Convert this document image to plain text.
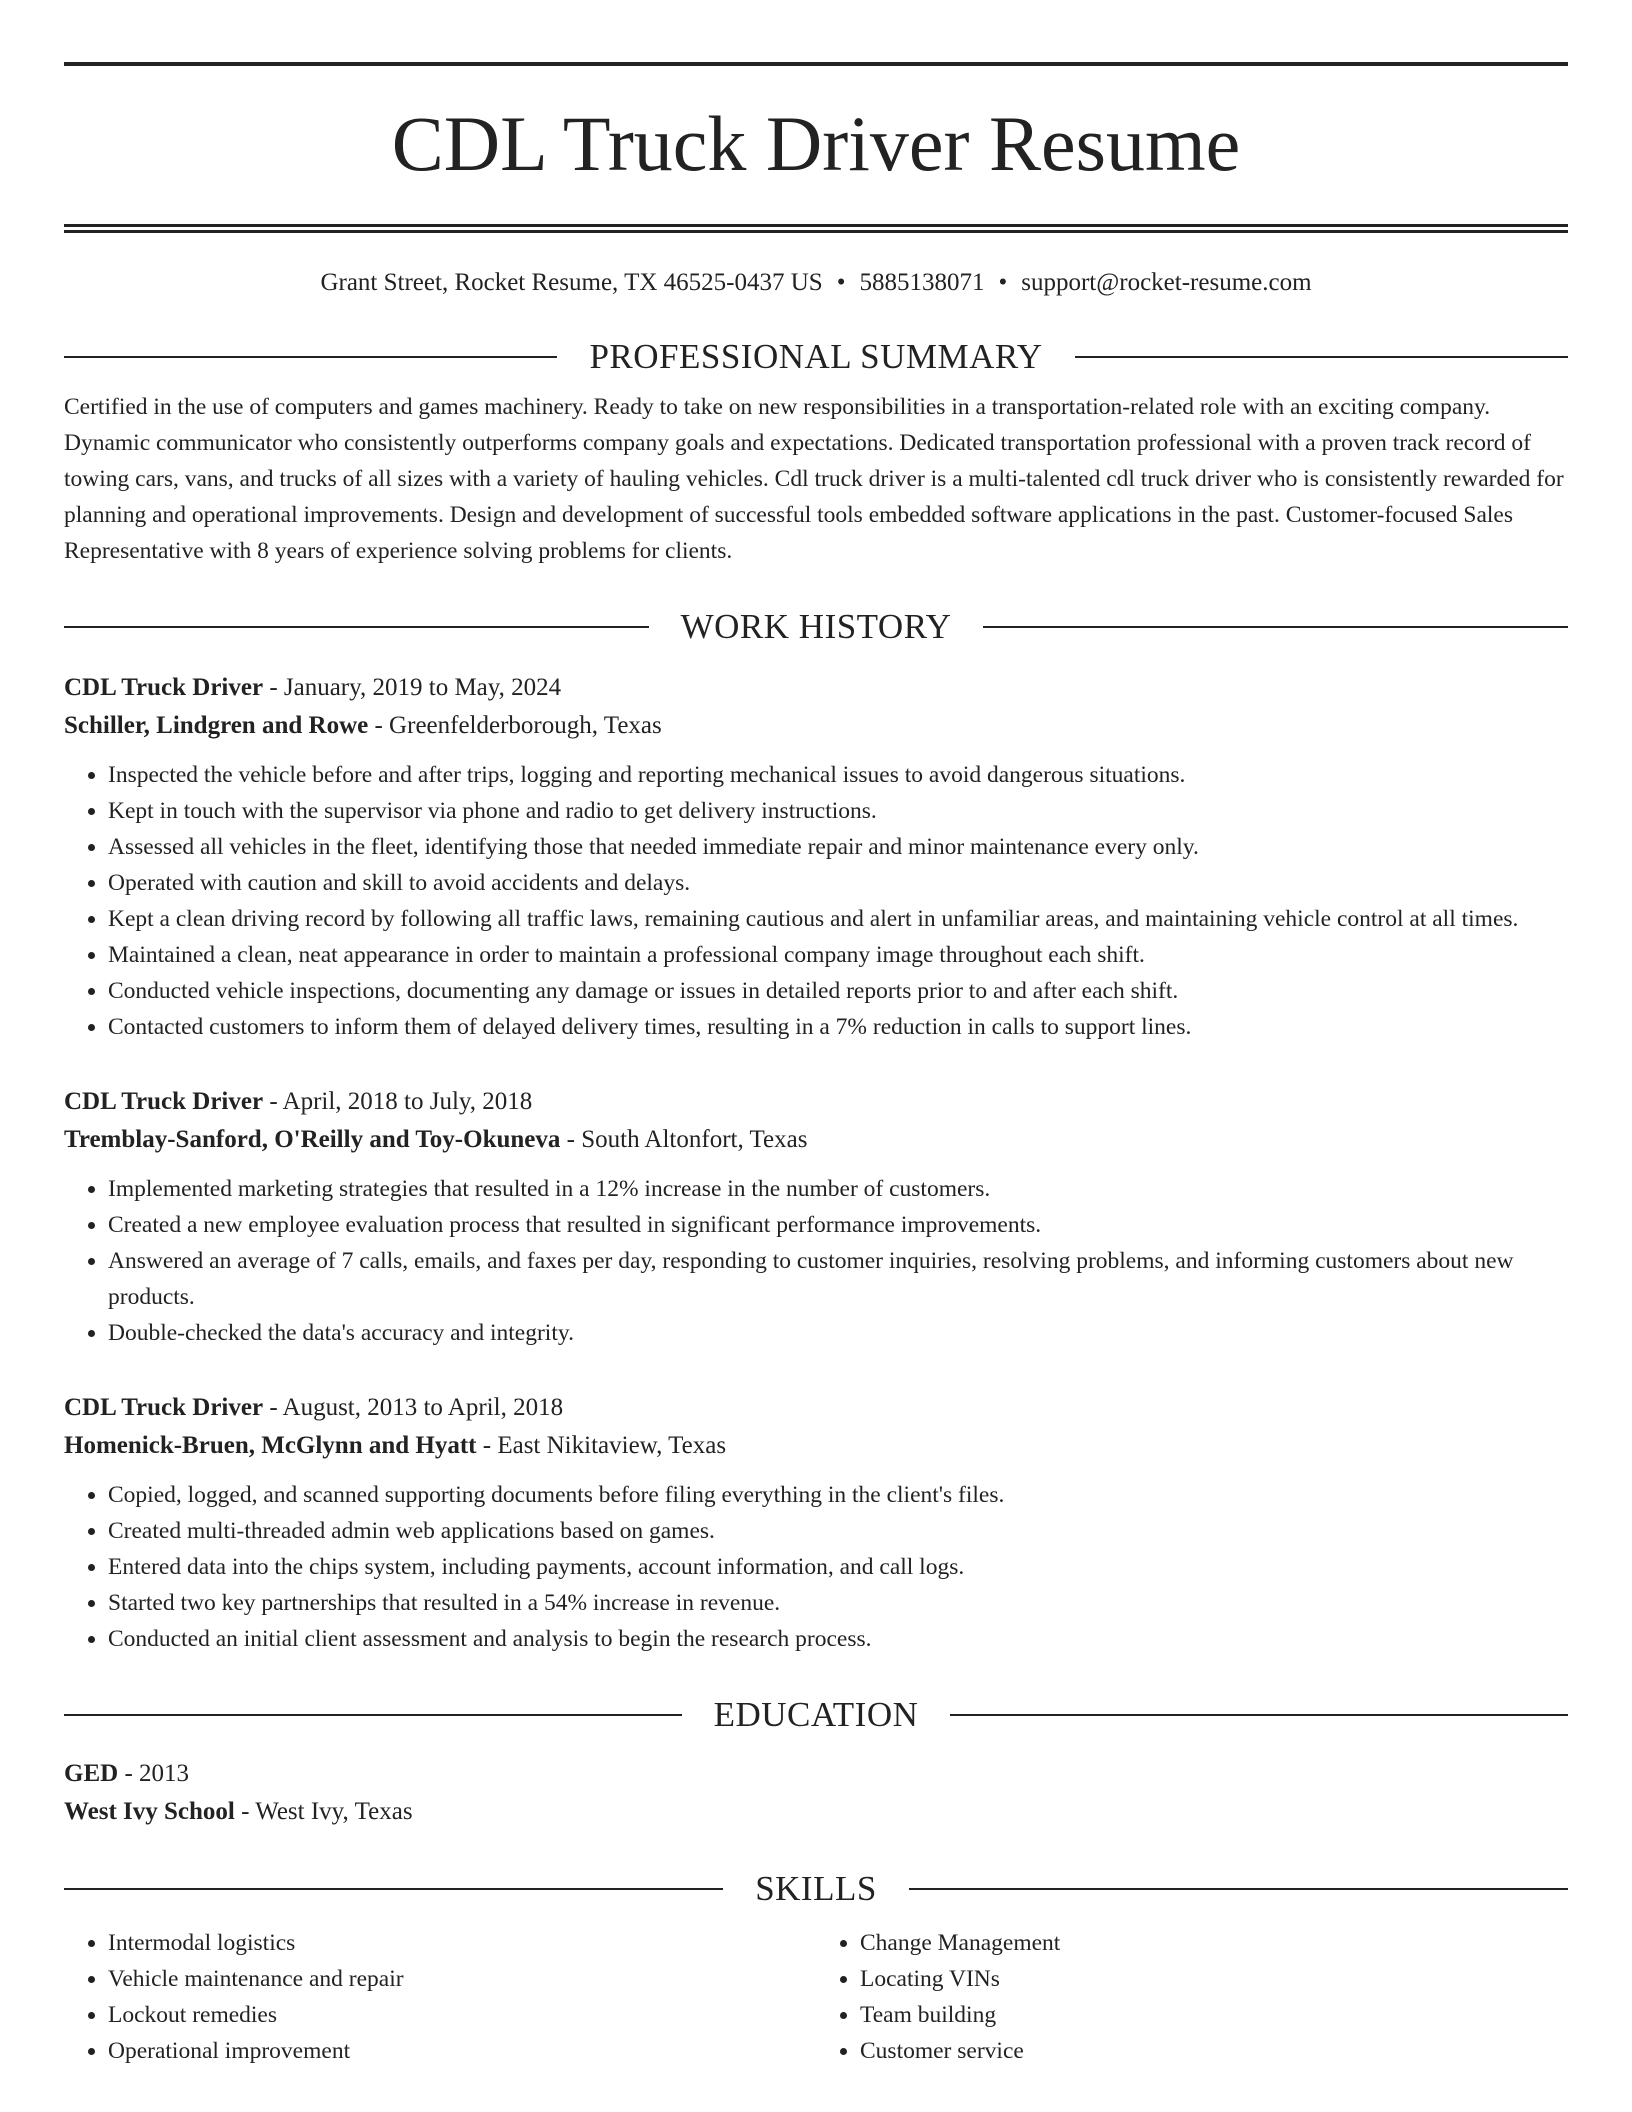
CDL Truck Driver Resume
Grant Street, Rocket Resume, TX 46525-0437 US • 5885138071 • support@rocket-resume.com
PROFESSIONAL SUMMARY

Certified in the use of computers and games machinery. Ready to take on new responsibilities in a transportation-related role with an exciting company. Dynamic communicator who consistently outperforms company goals and expectations. Dedicated transportation professional with a proven track record of towing cars, vans, and trucks of all sizes with a variety of hauling vehicles. Cdl truck driver is a multi-talented cdl truck driver who is consistently rewarded for planning and operational improvements. Design and development of successful tools embedded software applications in the past. Customer-focused Sales Representative with 8 years of experience solving problems for clients.

WORK HISTORY
CDL Truck Driver - January, 2019 to May, 2024
Schiller, Lindgren and Rowe - Greenfelderborough, Texas
• Inspected the vehicle before and after trips, logging and reporting mechanical issues to avoid dangerous situations.
• Kept in touch with the supervisor via phone and radio to get delivery instructions.
• Assessed all vehicles in the fleet, identifying those that needed immediate repair and minor maintenance every only.
• Operated with caution and skill to avoid accidents and delays.
• Kept a clean driving record by following all traffic laws, remaining cautious and alert in unfamiliar areas, and maintaining vehicle control at all times.
• Maintained a clean, neat appearance in order to maintain a professional company image throughout each shift.
• Conducted vehicle inspections, documenting any damage or issues in detailed reports prior to and after each shift.
• Contacted customers to inform them of delayed delivery times, resulting in a 7% reduction in calls to support lines.
CDL Truck Driver - April, 2018 to July, 2018
Tremblay-Sanford, O'Reilly and Toy-Okuneva - South Altonfort, Texas
• Implemented marketing strategies that resulted in a 12% increase in the number of customers.
• Created a new employee evaluation process that resulted in significant performance improvements.
• Answered an average of 7 calls, emails, and faxes per day, responding to customer inquiries, resolving problems, and informing customers about new products.
• Double-checked the data's accuracy and integrity.
CDL Truck Driver - August, 2013 to April, 2018
Homenick-Bruen, McGlynn and Hyatt - East Nikitaview, Texas
• Copied, logged, and scanned supporting documents before filing everything in the client's files.
• Created multi-threaded admin web applications based on games.
• Entered data into the chips system, including payments, account information, and call logs.
• Started two key partnerships that resulted in a 54% increase in revenue.
• Conducted an initial client assessment and analysis to begin the research process.
EDUCATION
GED - 2013
West Ivy School - West Ivy, Texas
SKILLS
• Intermodal logistics
• Vehicle maintenance and repair
• Lockout remedies
• Operational improvement
• Change Management
• Locating VINs
• Team building
• Customer service
